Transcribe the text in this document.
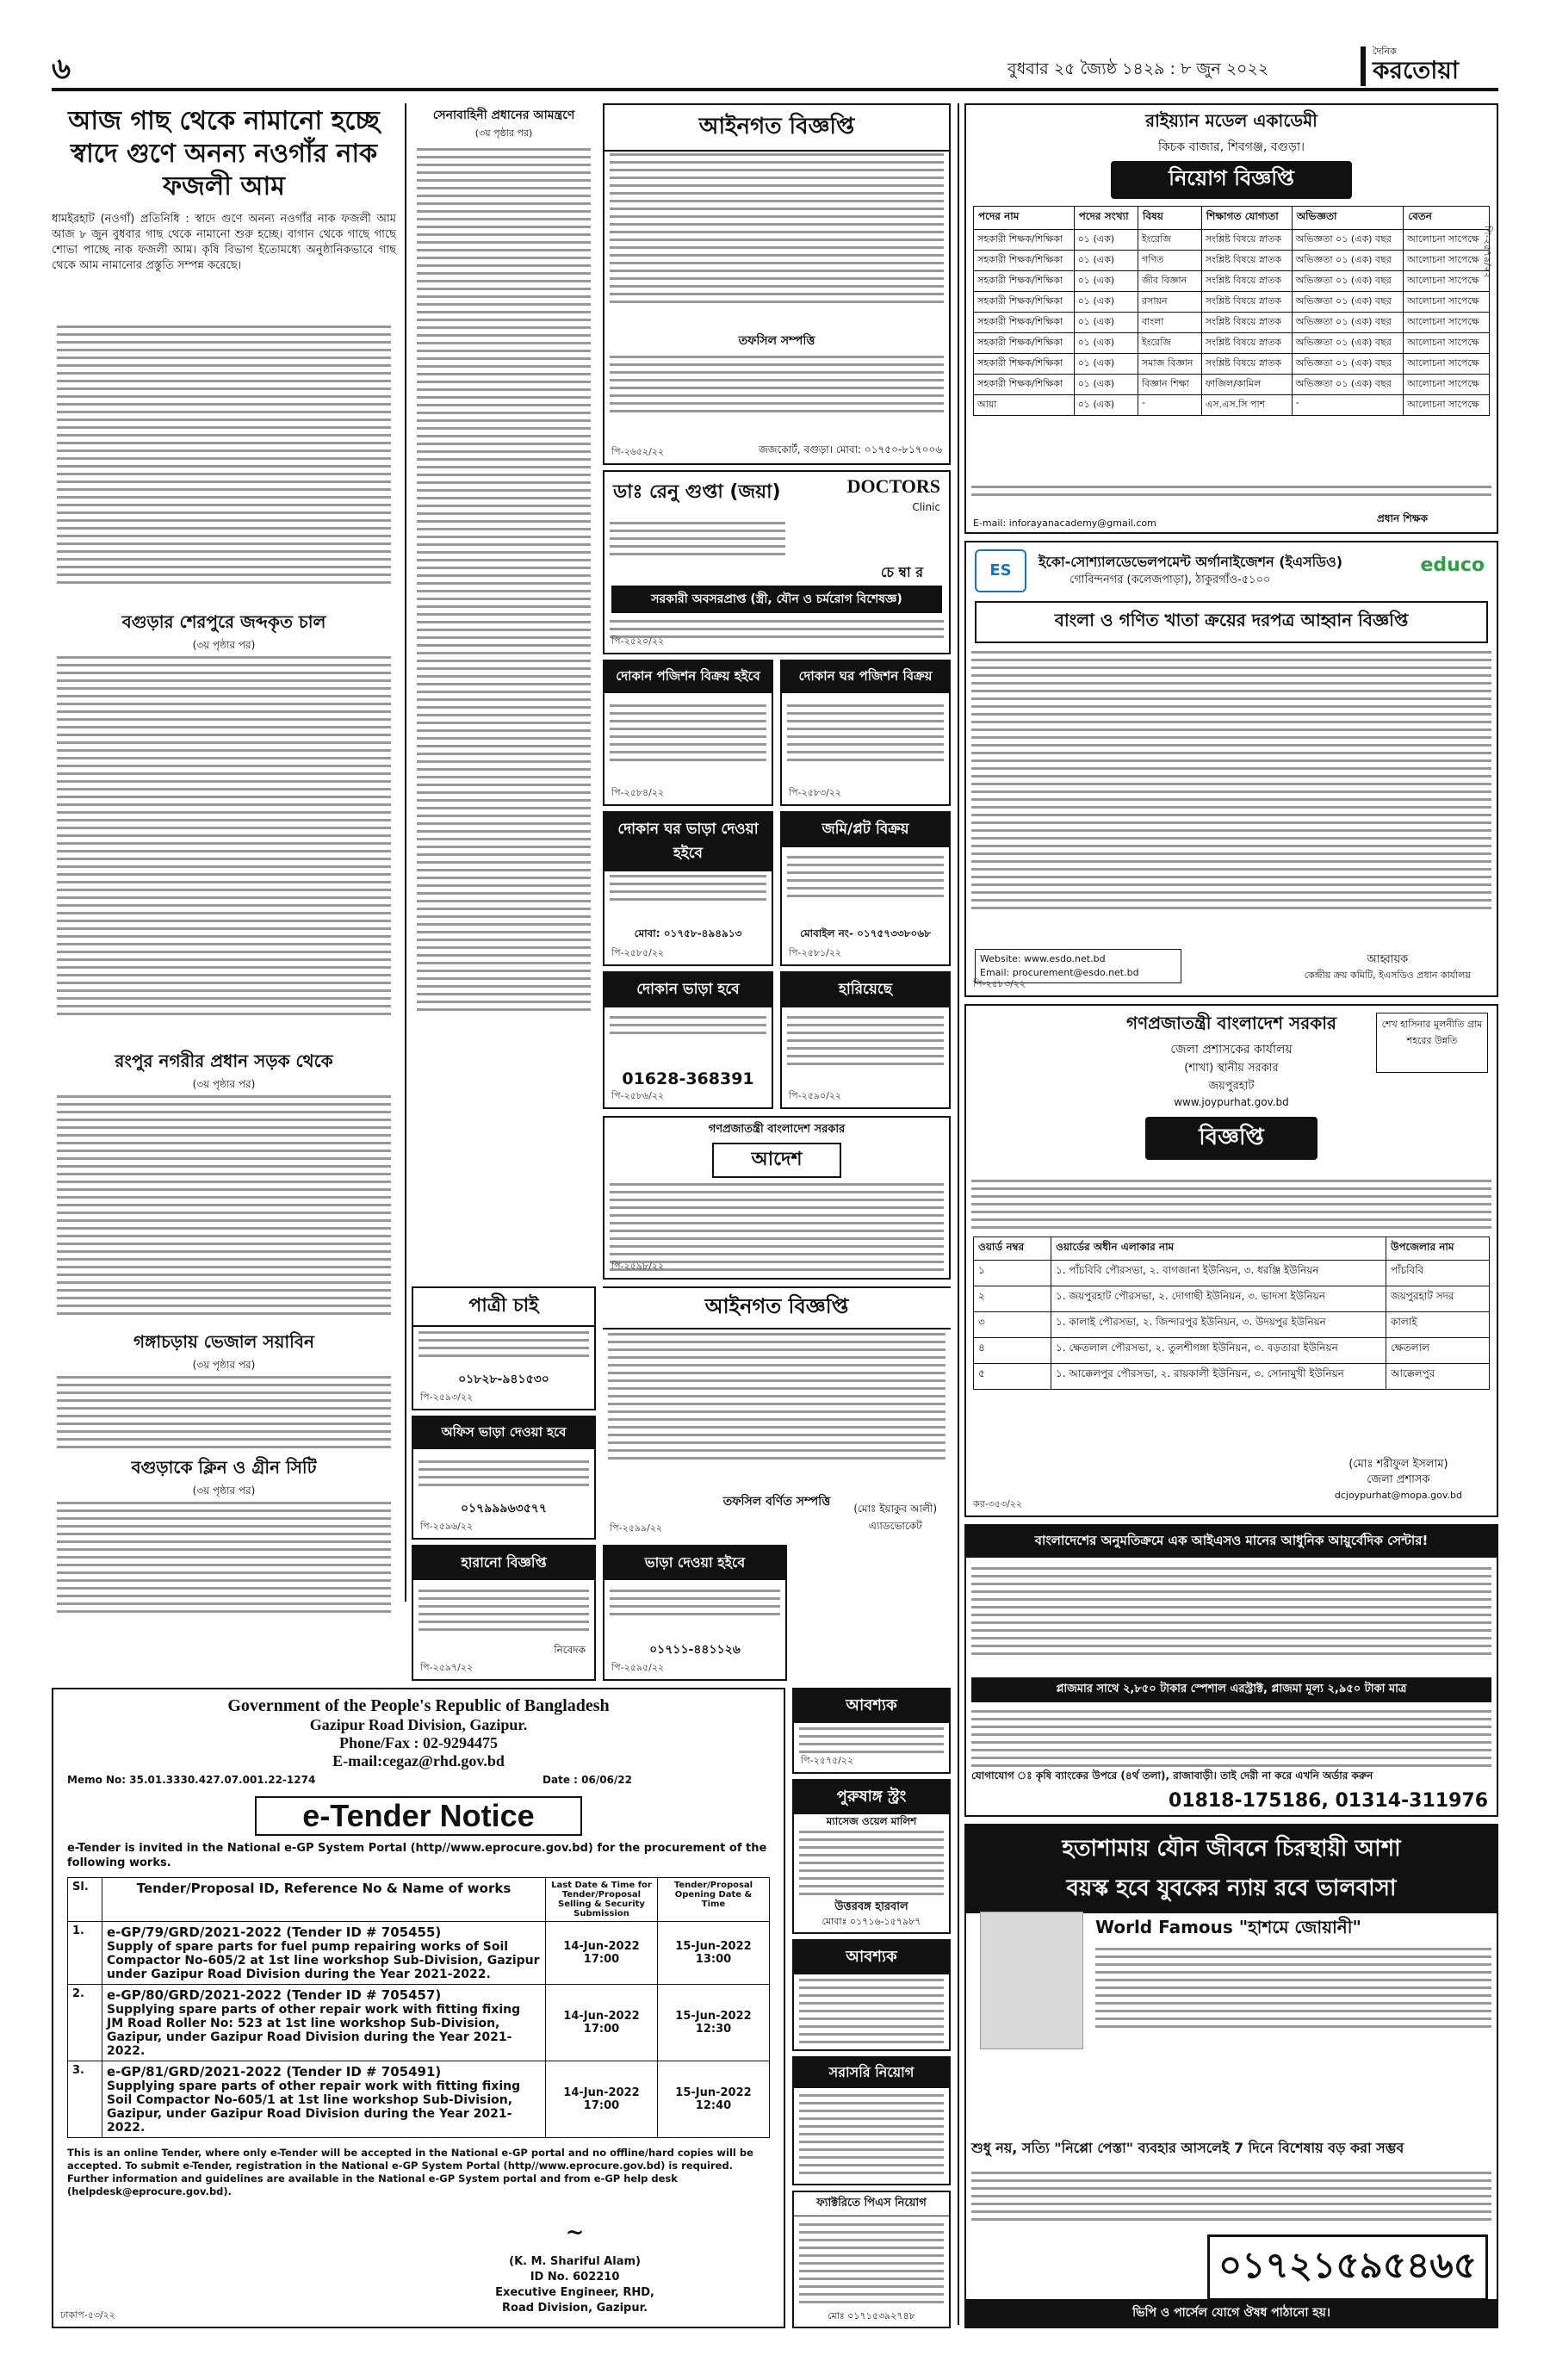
৬	বুধবার ২৫ জ্যৈষ্ঠ ১৪২৯ : ৮ জুন ২০২২
দৈনিক
করতোয়া
আজ গাছ থেকে নামানো হচ্ছে স্বাদে গুণে অনন্য নওগাঁর নাক ফজলী আম
ধামইরহাট (নওগাঁ) প্রতিনিধি : স্বাদে গুণে অনন্য নওগাঁর নাক ফজলী আম আজ ৮ জুন বুধবার গাছ থেকে নামানো শুরু হচ্ছে। বাগান থেকে গাছে গাছে শোভা পাচ্ছে নাক ফজলী আম। কৃষি বিভাগ ইতোমধ্যে অনুষ্ঠানিকভাবে গাছ থেকে আম নামানোর প্রস্তুতি সম্পন্ন করেছে।
বগুড়ার শেরপুরে জব্দকৃত চাল
(৩য় পৃষ্ঠার পর)
রংপুর নগরীর প্রধান সড়ক থেকে
(৩য় পৃষ্ঠার পর)
গঙ্গাচড়ায় ভেজাল সয়াবিন
(৩য় পৃষ্ঠার পর)
বগুড়াকে ক্লিন ও গ্রীন সিটি
(৩য় পৃষ্ঠার পর)
সেনাবাহিনী প্রধানের আমন্ত্রণে
(৩য় পৃষ্ঠার পর)	আইনগত বিজ্ঞপ্তি
তফসিল সম্পত্তি
জজকোর্ট, বগুড়া। মোবা: ০১৭৫০-৮১৭০০৬
পি-২৬৫২/২২
ডাঃ রেনু গুপ্তা (জয়া)	DOCTORS
Clinic
চে ম্বা র
সরকারী অবসরপ্রাপ্ত (স্ত্রী, যৌন ও চর্মরোগ বিশেষজ্ঞ)
পি-২৫২০/২২
দোকান পজিশন বিক্রয় হইবে
পি-২৫৮৪/২২
দোকান ঘর পজিশন বিক্রয়
পি-২৫৮৩/২২
দোকান ঘর ভাড়া দেওয়া হইবে
মোবা: ০১৭৫৮-৪৯৪৯১৩
পি-২৫৮৫/২২
জমি/প্লট বিক্রয়
মোবাইল নং- ০১৭৫৭৩৩৮০৬৮
পি-২৫৮১/২২
দোকান ভাড়া হবে
01628-368391
পি-২৫৮৬/২২
হারিয়েছে
পি-২৫৯০/২২
পাত্রী চাই
০১৮২৮-৯৪১৫৩০
পি-২৫৯৩/২২
অফিস ভাড়া দেওয়া হবে
০১৭৯৯৯৬৩৫৭৭
পি-২৫৯৬/২২
হারানো বিজ্ঞপ্তি
নিবেদক
পি-২৫৯৭/২২
ভাড়া দেওয়া হইবে
০১৭১১-৪৪১১২৬
পি-২৫৯৫/২২
গণপ্রজাতন্ত্রী বাংলাদেশ সরকার
আদেশ
পি-২৫৯৮/২২
আইনগত বিজ্ঞপ্তি
তফসিল বর্ণিত সম্পত্তি	(মোঃ ইয়াকুব আলী)
এ্যাডভোকেট
পি-২৫৯৯/২২
রাইয়্যান মডেল একাডেমী
কিচক বাজার, শিবগঞ্জ, বগুড়া।
নিয়োগ বিজ্ঞপ্তি
পদের নাম	পদের সংখ্যা	বিষয়	শিক্ষাগত যোগ্যতা	অভিজ্ঞতা	বেতন
সহকারী শিক্ষক/শিক্ষিকা	০১ (এক)	ইংরেজি	সংশ্লিষ্ট বিষয়ে স্নাতক	অভিজ্ঞতা ০১ (এক) বছর	আলোচনা সাপেক্ষে
সহকারী শিক্ষক/শিক্ষিকা	০১ (এক)	গণিত	সংশ্লিষ্ট বিষয়ে স্নাতক	অভিজ্ঞতা ০১ (এক) বছর	আলোচনা সাপেক্ষে
সহকারী শিক্ষক/শিক্ষিকা	০১ (এক)	জীব বিজ্ঞান	সংশ্লিষ্ট বিষয়ে স্নাতক	অভিজ্ঞতা ০১ (এক) বছর	আলোচনা সাপেক্ষে
সহকারী শিক্ষক/শিক্ষিকা	০১ (এক)	রসায়ন	সংশ্লিষ্ট বিষয়ে স্নাতক	অভিজ্ঞতা ০১ (এক) বছর	আলোচনা সাপেক্ষে
সহকারী শিক্ষক/শিক্ষিকা	০১ (এক)	বাংলা	সংশ্লিষ্ট বিষয়ে স্নাতক	অভিজ্ঞতা ০১ (এক) বছর	আলোচনা সাপেক্ষে
সহকারী শিক্ষক/শিক্ষিকা	০১ (এক)	ইংরেজি	সংশ্লিষ্ট বিষয়ে স্নাতক	অভিজ্ঞতা ০১ (এক) বছর	আলোচনা সাপেক্ষে
সহকারী শিক্ষক/শিক্ষিকা	০১ (এক)	সমাজ বিজ্ঞান	সংশ্লিষ্ট বিষয়ে স্নাতক	অভিজ্ঞতা ০১ (এক) বছর	আলোচনা সাপেক্ষে
সহকারী শিক্ষক/শিক্ষিকা	০১ (এক)	বিজ্ঞান শিক্ষা	ফাজিল/কামিল	অভিজ্ঞতা ০১ (এক) বছর	আলোচনা সাপেক্ষে
আয়া	০১ (এক)	-	এস.এস.সি পাশ	-	আলোচনা সাপেক্ষে
E-mail: inforayanacademy@gmail.com	প্রধান শিক্ষক
পি-২৫৭৯/২২
ES	ইকো-সোশ্যালডেভেলপমেন্ট অর্গানাইজেশন (ইএসডিও)
গোবিন্দনগর (কলেজপাড়া), ঠাকুরগাঁও-৫১০০
educo
বাংলা ও গণিত খাতা ক্রয়ের দরপত্র আহ্বান বিজ্ঞপ্তি
Website: www.esdo.net.bd
Email: procurement@esdo.net.bd
আহ্বায়ক
কেন্দ্রীয় ক্রয় কমিটি, ইএসডিও প্রধান কার্যালয়
পি-২৫৮৩/২২
গণপ্রজাতন্ত্রী বাংলাদেশ সরকার
জেলা প্রশাসকের কার্যালয়
(শাখা) স্থানীয় সরকার
জয়পুরহাট
www.joypurhat.gov.bd
শেখ হাসিনার মূলনীতি গ্রাম শহরের উন্নতি
বিজ্ঞপ্তি
ওয়ার্ড নম্বর	ওয়ার্ডের অধীন এলাকার নাম	উপজেলার নাম
১	১. পাঁচবিবি পৌরসভা, ২. বাগজানা ইউনিয়ন, ৩. ধরঞ্জি ইউনিয়ন	পাঁচবিবি
২	১. জয়পুরহাট পৌরসভা, ২. দোগাছী ইউনিয়ন, ৩. ভাদসা ইউনিয়ন	জয়পুরহাট সদর
৩	১. কালাই পৌরসভা, ২. জিন্দারপুর ইউনিয়ন, ৩. উদয়পুর ইউনিয়ন	কালাই
৪	১. ক্ষেতলাল পৌরসভা, ২. তুলশীগঙ্গা ইউনিয়ন, ৩. বড়তারা ইউনিয়ন	ক্ষেতলাল
৫	১. আক্কেলপুর পৌরসভা, ২. রায়কালী ইউনিয়ন, ৩. সোনামুখী ইউনিয়ন	আক্কেলপুর
(মোঃ শরীফুল ইসলাম)
জেলা প্রশাসক
dcjoypurhat@mopa.gov.bd
কর-৩৫৩/২২
বাংলাদেশের অনুমতিক্রমে এক আইএসও মানের আধুনিক আয়ুর্বেদিক সেন্টার!
প্লাজমার সাথে ২,৮৫০ টাকার স্পেশাল এরস্ট্রাক্ট, প্লাজমা মূল্য ২,৯৫০ টাকা মাত্র
যোগাযোগ ঃ কৃষি ব্যাংকের উপরে (৪র্থ তলা), রাজাবাড়ী। তাই দেরী না করে এখনি অর্ডার করুন
01818-175186, 01314-311976
হতাশামায় যৌন জীবনে চিরস্থায়ী আশা
বয়স্ক হবে যুবকের ন্যায় রবে ভালবাসা
World Famous "হাশমে জোয়ানী"
শুধু নয়, সত্যি "নিপ্পো পেস্তা" ব্যবহার আসলেই 7 দিনে বিশেষায় বড় করা সম্ভব
০১৭২১৫৯৫৪৬৫
ভিপি ও পার্সেল যোগে ঔষধ পাঠানো হয়।
আবশ্যক
পি-২৫৭৫/২২
পুরুষাঙ্গ স্ট্রং
ম্যাসেজ ওয়েল মালিশ
উত্তরবঙ্গ হারবাল
মোবাঃ ০১৭১৬-১৫৭৯৮৭
আবশ্যক
সরাসরি নিয়োগ
ফ্যাক্টরিতে পিএস নিয়োগ
মোঃ ০১৭১৫৩৯২৭৪৮
Government of the People's Republic of Bangladesh
Gazipur Road Division, Gazipur.
Phone/Fax : 02-9294475
E-mail:cegaz@rhd.gov.bd
Memo No: 35.01.3330.427.07.001.22-1274	Date : 06/06/22
e-Tender Notice
e-Tender is invited in the National e-GP System Portal (http//www.eprocure.gov.bd) for the procurement of the following works.
Sl.	Tender/Proposal ID, Reference No & Name of works	Last Date & Time for Tender/Proposal Selling & Security Submission	Tender/Proposal Opening Date & Time
1.	e-GP/79/GRD/2021-2022 (Tender ID # 705455)
Supply of spare parts for fuel pump repairing works of Soil Compactor No-605/2 at 1st line workshop Sub-Division, Gazipur under Gazipur Road Division during the Year 2021-2022.	14-Jun-2022 17:00	15-Jun-2022 13:00
2.	e-GP/80/GRD/2021-2022 (Tender ID # 705457)
Supplying spare parts of other repair work with fitting fixing JM Road Roller No: 523 at 1st line workshop Sub-Division, Gazipur, under Gazipur Road Division during the Year 2021-2022.	14-Jun-2022 17:00	15-Jun-2022 12:30
3.	e-GP/81/GRD/2021-2022 (Tender ID # 705491)
Supplying spare parts of other repair work with fitting fixing Soil Compactor No-605/1 at 1st line workshop Sub-Division, Gazipur, under Gazipur Road Division during the Year 2021-2022.	14-Jun-2022 17:00	15-Jun-2022 12:40
This is an online Tender, where only e-Tender will be accepted in the National e-GP portal and no offline/hard copies will be accepted. To submit e-Tender, registration in the National e-GP System Portal (http//www.eprocure.gov.bd) is required. Further information and guidelines are available in the National e-GP System portal and from e-GP help desk (helpdesk@eprocure.gov.bd).
~
(K. M. Shariful Alam)
ID No. 602210
Executive Engineer, RHD,
Road Division, Gazipur.
ঢাকাপ-৫৩/২২
